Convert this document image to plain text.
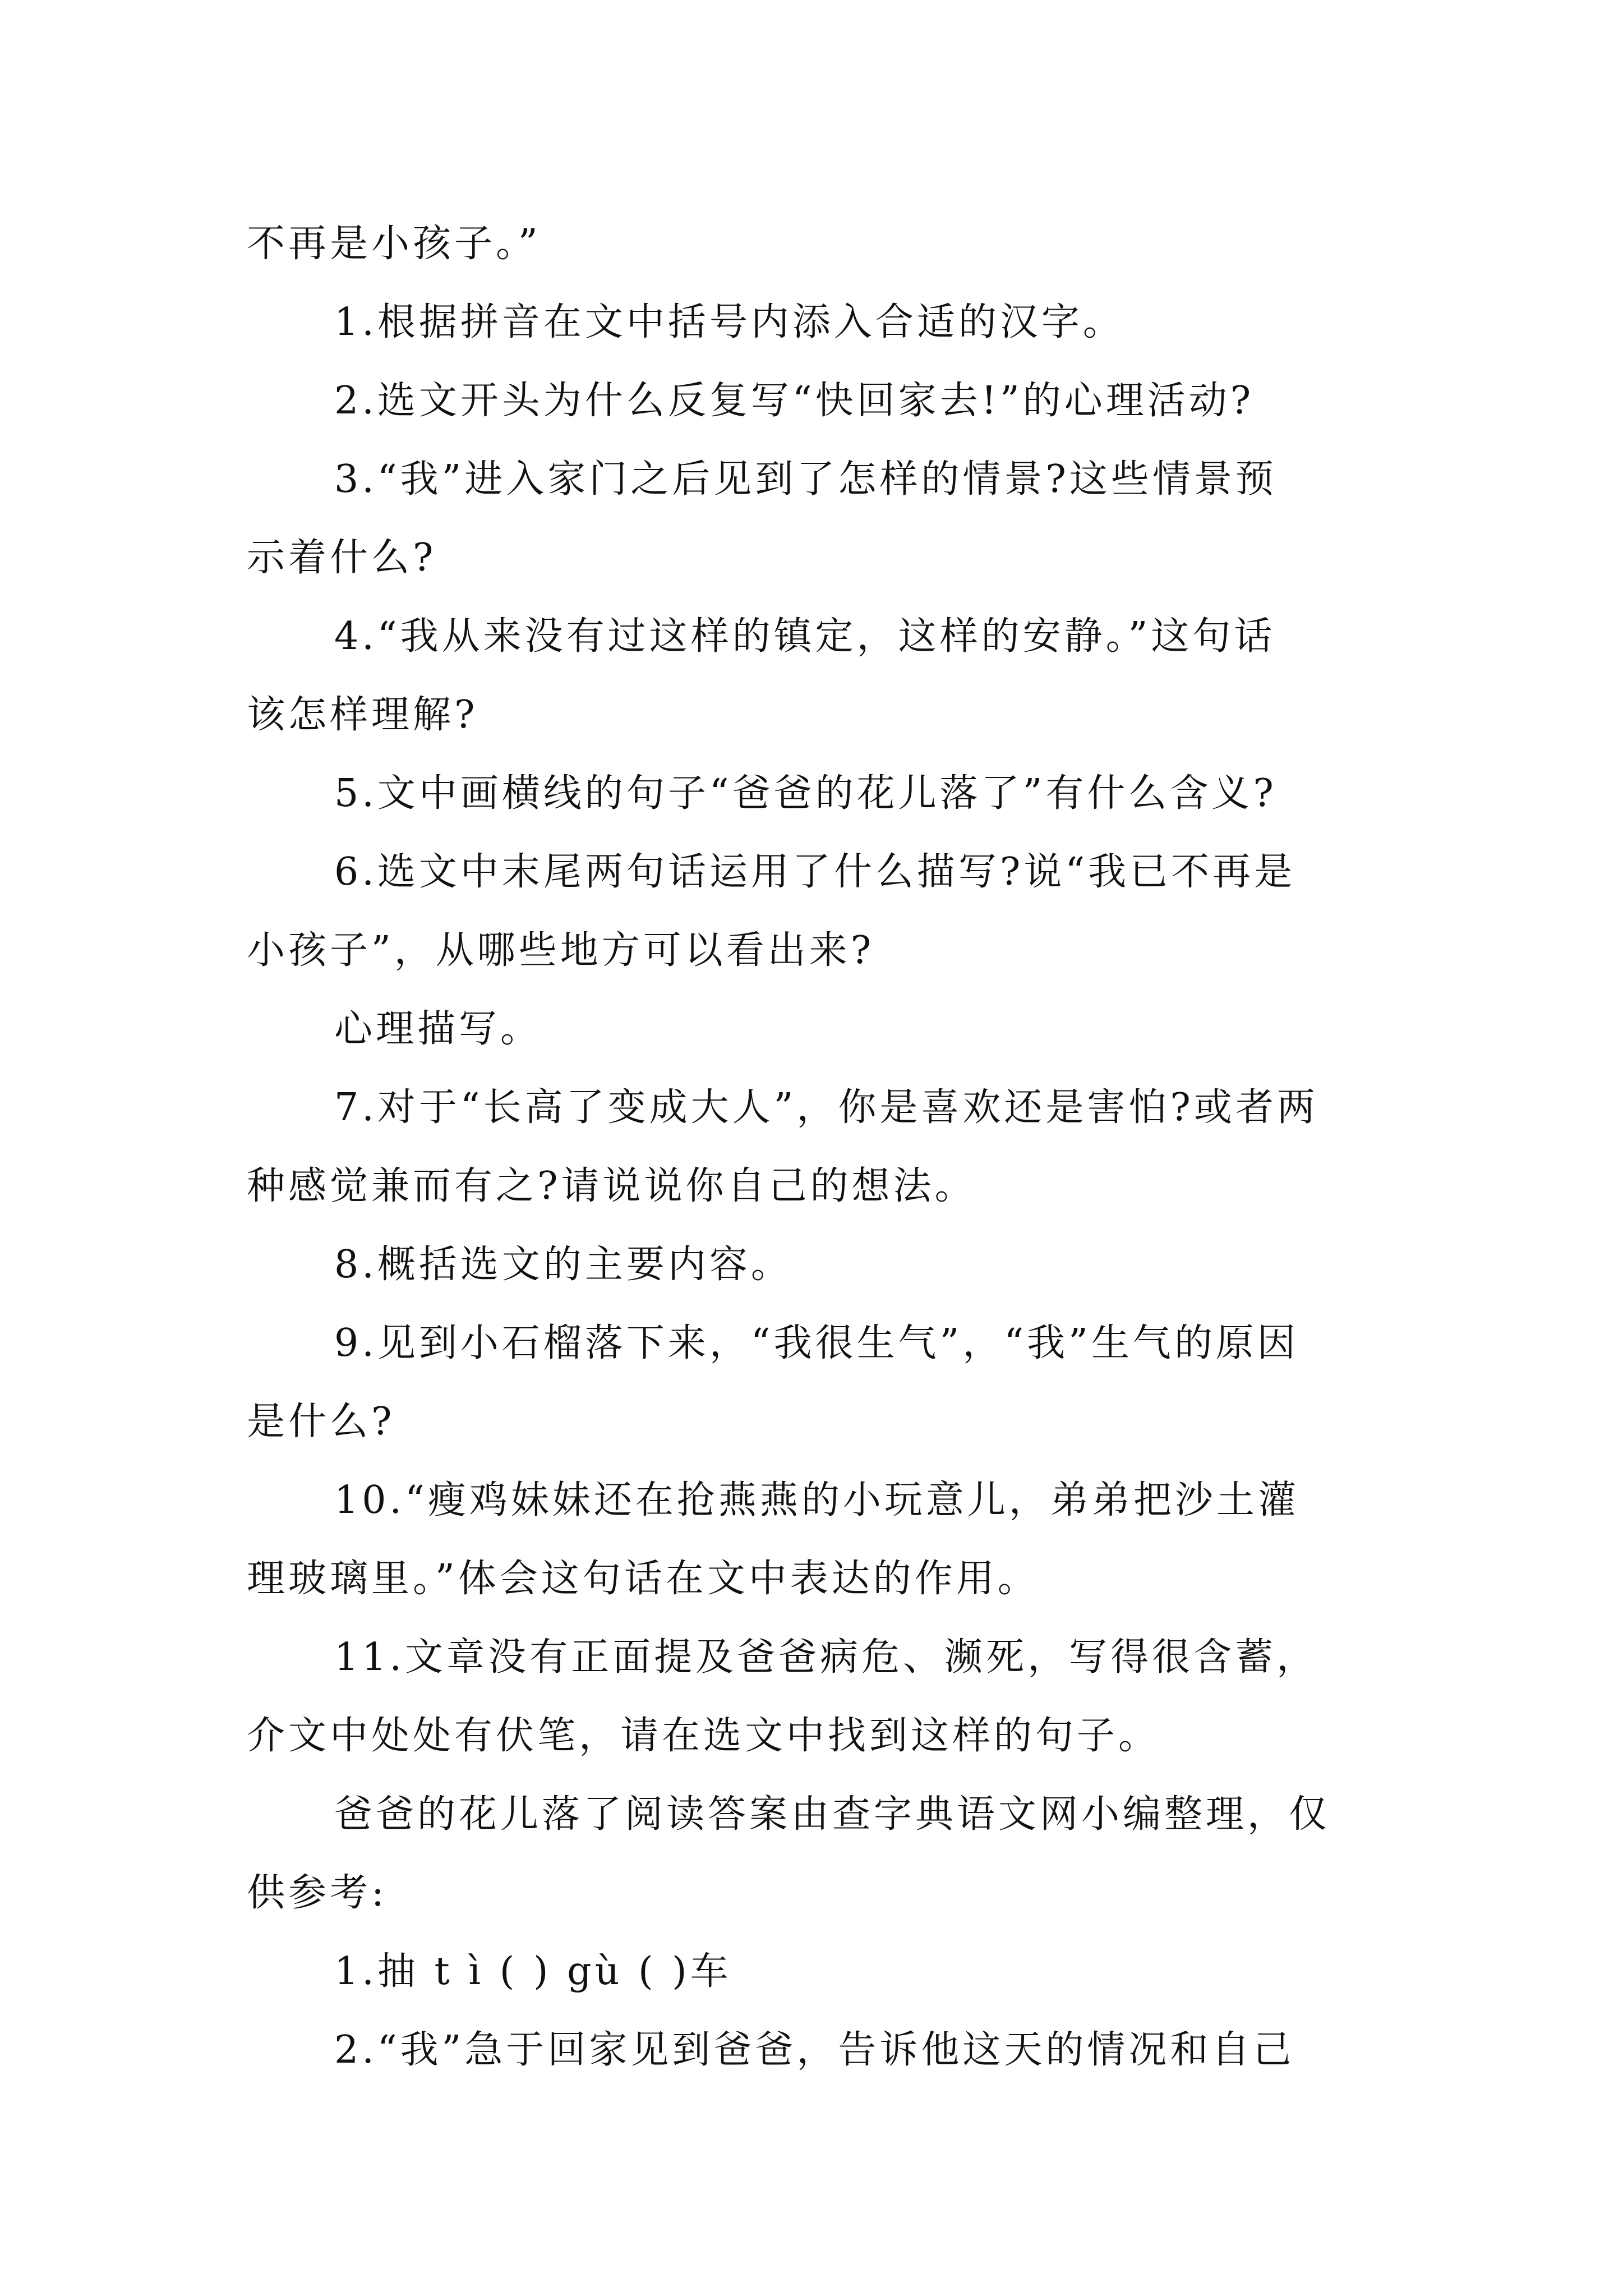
不再是小孩子。”
1.根据拼音在文中括号内添入合适的汉字。
2.选文开头为什么反复写“快回家去!”的心理活动?
3.“我”进入家门之后见到了怎样的情景?这些情景预
示着什么?
4.“我从来没有过这样的镇定，这样的安静。”这句话
该怎样理解?
5.文中画横线的句子“爸爸的花儿落了”有什么含义?
6.选文中末尾两句话运用了什么描写?说“我已不再是
小孩子”，从哪些地方可以看出来?
心理描写。
7.对于“长高了变成大人”，你是喜欢还是害怕?或者两
种感觉兼而有之?请说说你自己的想法。
8.概括选文的主要内容。
9.见到小石榴落下来，“我很生气”，“我”生气的原因
是什么?
10.“瘦鸡妹妹还在抢燕燕的小玩意儿，弟弟把沙土灌
理玻璃里。”体会这句话在文中表达的作用。
11.文章没有正面提及爸爸病危、濒死，写得很含蓄，
介文中处处有伏笔，请在选文中找到这样的句子。
爸爸的花儿落了阅读答案由查字典语文网小编整理，仅
供参考:
1.抽 t ì ( ) gù ( )车
2.“我”急于回家见到爸爸，告诉他这天的情况和自己
